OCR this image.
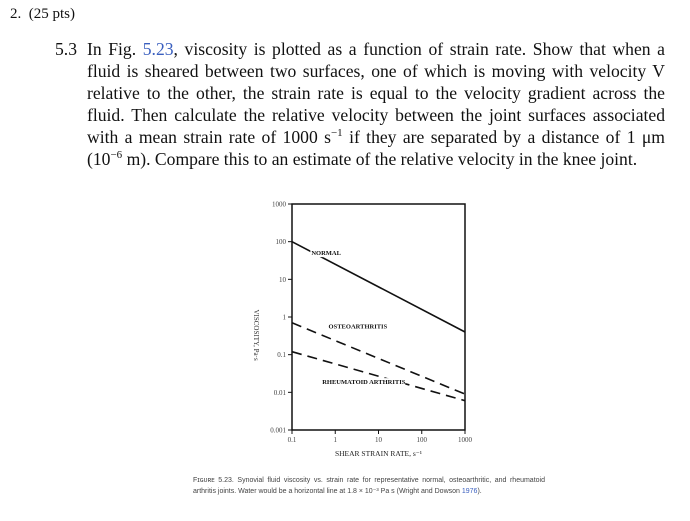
2. (25 pts)
5.3 In Fig. 5.23, viscosity is plotted as a function of strain rate. Show that when a fluid is sheared between two surfaces, one of which is moving with velocity V relative to the other, the strain rate is equal to the velocity gradient across the fluid. Then calculate the relative velocity between the joint surfaces associated with a mean strain rate of 1000 $s^{-1}$ if they are separated by a distance of 1 μm ($10^{-6}$ m). Compare this to an estimate of the relative velocity in the knee joint.
1000
100
10
1
0.1
0.01
0.001
0.1	1	10	100	1000
NORMAL
OSTEOARTHRITIS
RHEUMATOID ARTHRITIS
VISCOSITY, Pa·s
SHEAR STRAIN RATE, s⁻¹
Fɪɢᴜʀᴇ 5.23. Synovial fluid viscosity vs. strain rate for representative normal, osteoarthritic, and rheumatoid arthritis joints. Water would be a horizontal line at 1.8 × 10⁻³ Pa s (Wright and Dowson 1976).
